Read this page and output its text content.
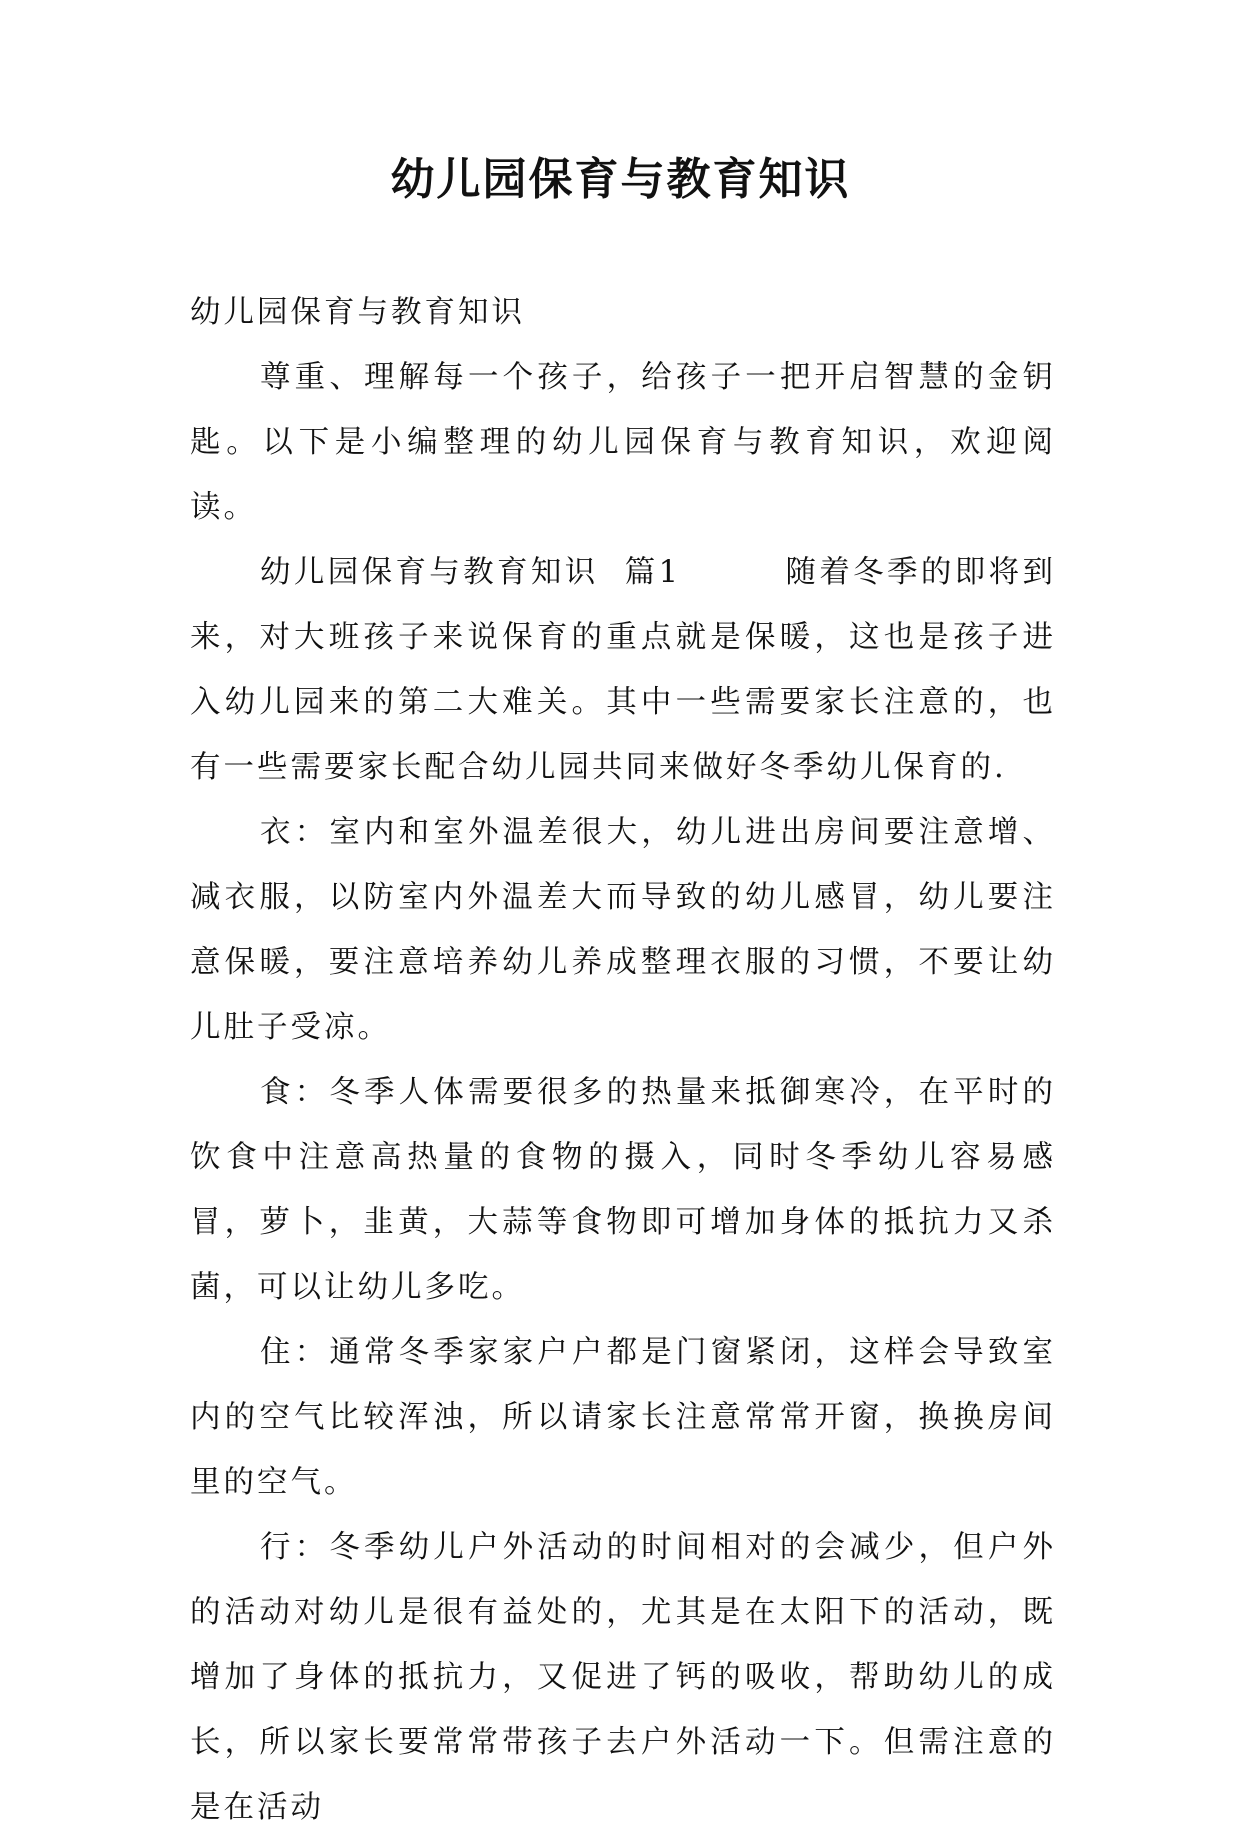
幼儿园保育与教育知识

幼儿园保育与教育知识

尊重、理解每一个孩子，给孩子一把开启智慧的金钥匙。以下是小编整理的幼儿园保育与教育知识，欢迎阅读。

幼儿园保育与教育知识  篇1        随着冬季的即将到来，对大班孩子来说保育的重点就是保暖，这也是孩子进入幼儿园来的第二大难关。其中一些需要家长注意的，也有一些需要家长配合幼儿园共同来做好冬季幼儿保育的.

衣：室内和室外温差很大，幼儿进出房间要注意增、减衣服，以防室内外温差大而导致的幼儿感冒，幼儿要注意保暖，要注意培养幼儿养成整理衣服的习惯，不要让幼儿肚子受凉。

食：冬季人体需要很多的热量来抵御寒冷，在平时的饮食中注意高热量的食物的摄入，同时冬季幼儿容易感冒，萝卜，韭黄，大蒜等食物即可增加身体的抵抗力又杀菌，可以让幼儿多吃。

住：通常冬季家家户户都是门窗紧闭，这样会导致室内的空气比较浑浊，所以请家长注意常常开窗，换换房间里的空气。

行：冬季幼儿户外活动的时间相对的会减少，但户外的活动对幼儿是很有益处的，尤其是在太阳下的活动，既增加了身体的抵抗力，又促进了钙的吸收，帮助幼儿的成长，所以家长要常常带孩子去户外活动一下。但需注意的是在活动
